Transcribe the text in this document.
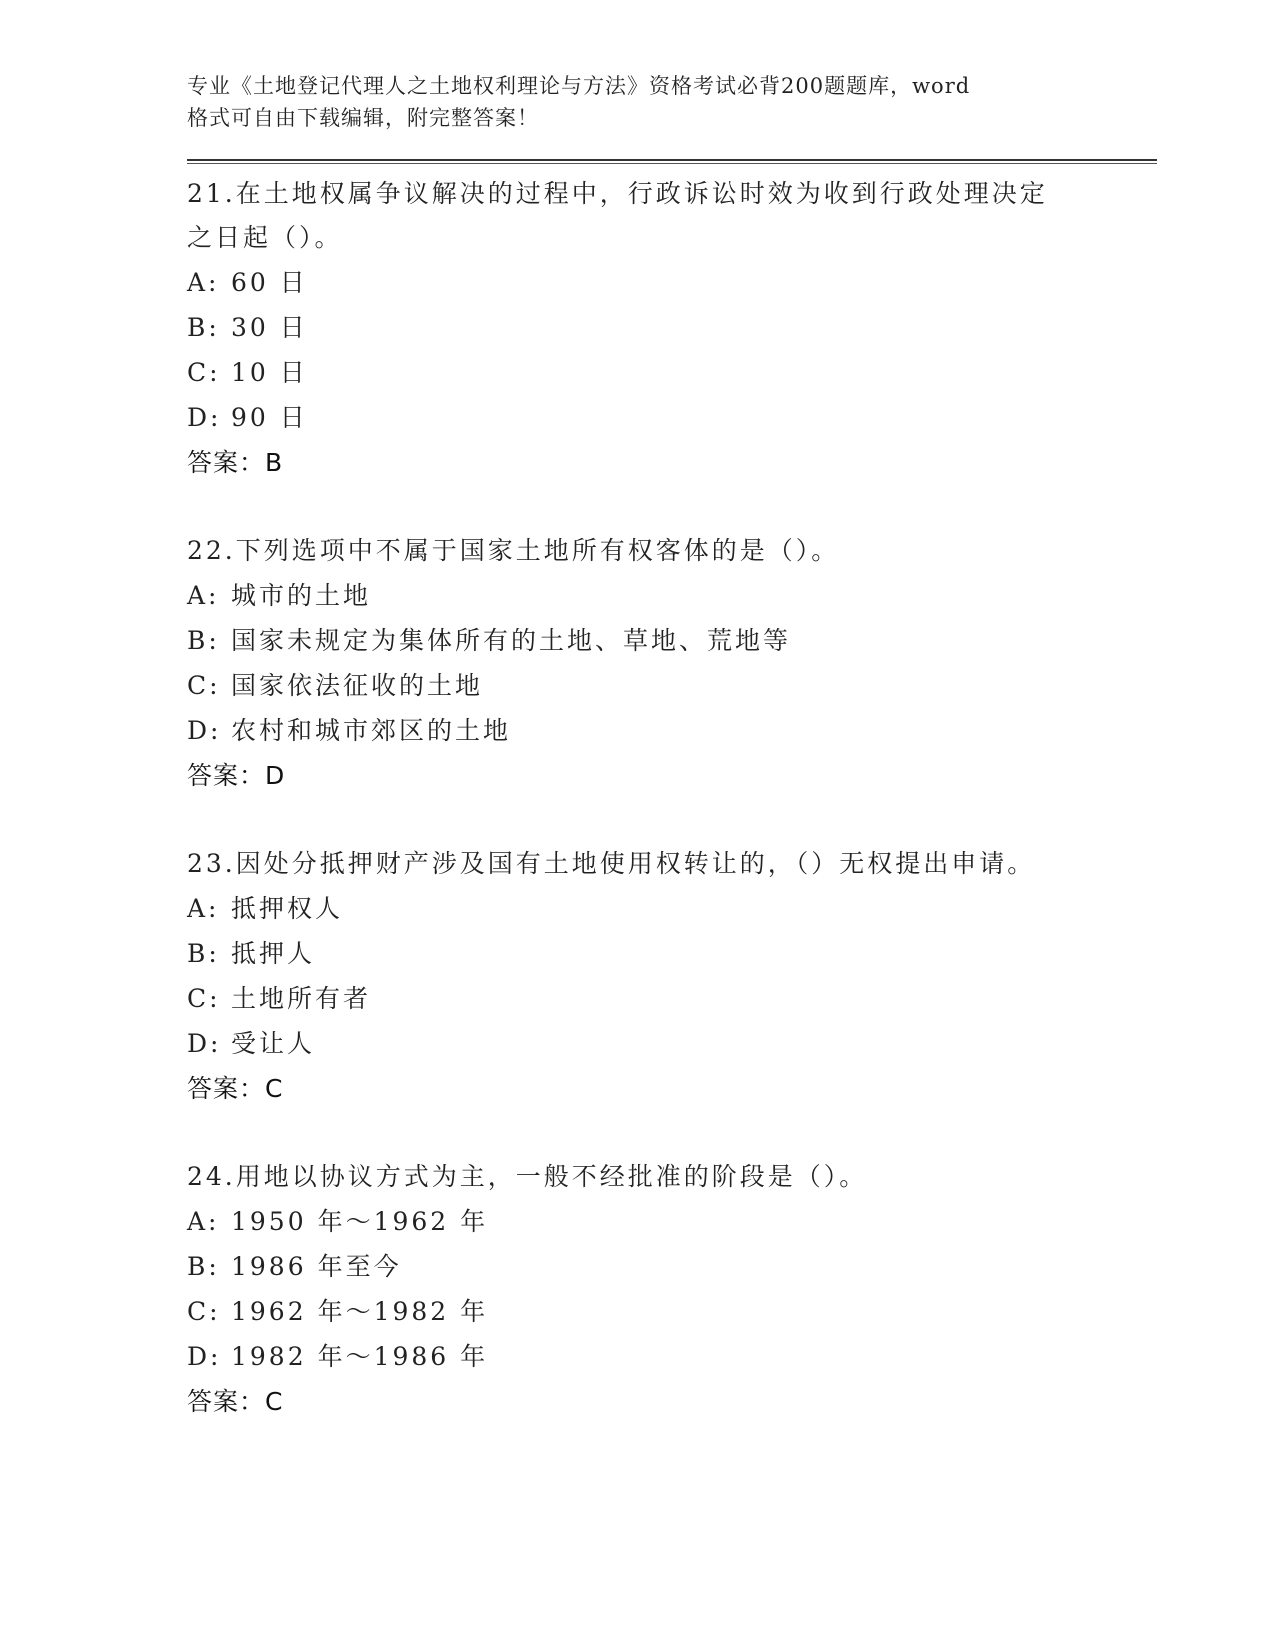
专业《土地登记代理人之土地权利理论与方法》资格考试必背200题题库，word
格式可自由下载编辑，附完整答案！
21.在土地权属争议解决的过程中，行政诉讼时效为收到行政处理决定
之日起（）。
A: 60 日
B: 30 日
C: 10 日
D: 90 日
答案：B
22.下列选项中不属于国家土地所有权客体的是（）。
A: 城市的土地
B: 国家未规定为集体所有的土地、草地、荒地等
C: 国家依法征收的土地
D: 农村和城市郊区的土地
答案：D
23.因处分抵押财产涉及国有土地使用权转让的，（）无权提出申请。
A: 抵押权人
B: 抵押人
C: 土地所有者
D: 受让人
答案：C
24.用地以协议方式为主，一般不经批准的阶段是（）。
A: 1950 年～1962 年
B: 1986 年至今
C: 1962 年～1982 年
D: 1982 年～1986 年
答案：C
